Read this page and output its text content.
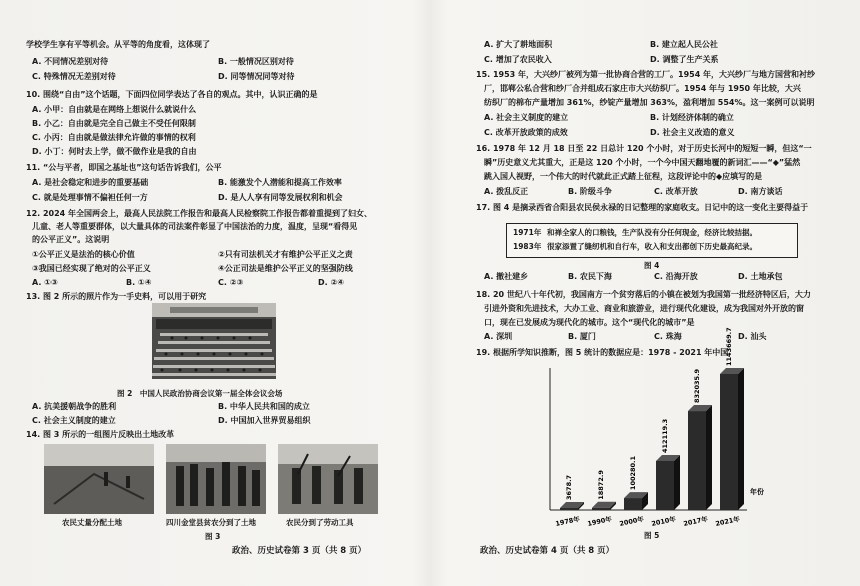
学校学生享有平等机会。从平等的角度看，这体现了
A. 不同情况差别对待	B. 一般情况区别对待
C. 特殊情况无差别对待	D. 同等情况同等对待
10. 围绕“自由”这个话题，下面四位同学表达了各自的观点。其中，认识正确的是
A. 小甲：自由就是在网络上想说什么就说什么
B. 小乙：自由就是完全自己做主不受任何限制
C. 小丙：自由就是做法律允许做的事情的权利
D. 小丁：何时去上学，做不做作业是我的自由
11. “公与平者，即国之基址也”这句话告诉我们，公平
A. 是社会稳定和进步的重要基础	B. 能激发个人潜能和提高工作效率
C. 就是处理事情不偏袒任何一方	D. 是人人享有同等发展权利和机会
12. 2024 年全国两会上，最高人民法院工作报告和最高人民检察院工作报告都着重提到了妇女、
儿童、老人等重要群体，以大量具体的司法案件彰显了中国法治的力度，温度，呈现“看得见
的公平正义”。这说明
①公平正义是法治的核心价值	②只有司法机关才有维护公平正义之责
③我国已经实现了绝对的公平正义	④公正司法是维护公平正义的坚强防线
A. ①③	B. ①④	C. ②③	D. ②④
13. 图 2 所示的照片作为一手史料，可以用于研究
图 2　中国人民政治协商会议第一届全体会议会场
A. 抗美援朝战争的胜利	B. 中华人民共和国的成立
C. 社会主义制度的建立	D. 中国加入世界贸易组织
14. 图 3 所示的一组图片反映出土地改革
农民丈量分配土地	四川金堂县贫农分到了土地	农民分到了劳动工具
图 3
政治、历史试卷第 3 页（共 8 页）
A. 扩大了耕地面积	B. 建立起人民公社
C. 增加了农民收入	D. 调整了生产关系
15. 1953 年，大兴纱厂被列为第一批协商合营的工厂。1954 年，大兴纱厂与地方国营和衬纱
厂，邯郸公私合营和纱厂合并组成石家庄市大兴纺织厂。1954 年与 1950 年比较，大兴
纺织厂的棉布产量增加 361%，纱锭产量增加 363%，盈利增加 554%。这一案例可以说明
A. 社会主义制度的建立	B. 计划经济体制的确立
C. 改革开放政策的成效	D. 社会主义改造的意义
16. 1978 年 12 月 18 日至 22 日总计 120 个小时，对于历史长河中的短短一瞬，但这“一
瞬”历史意义尤其重大，正是这 120 个小时，一个今中国天翻地覆的新词汇——“◆”猛然
跳入国人视野，一个伟大的时代就此正式踏上征程，这段评论中的◆应填写的是
A. 拨乱反正	B. 阶级斗争	C. 改革开放	D. 南方谈话
17. 图 4 是摘录西省合阳县农民侯永禄的日记整理的家庭收支。日记中的这一变化主要得益于
1971年 和禅全家人的口粮钱，生产队没有分任何现金，经济比较拮据。
1983年 很家添置了缝纫机和自行车，收入和支出都创下历史最高纪录。
图 4
A. 撤社建乡	B. 农民下海	C. 沿海开放	D. 土地承包
18. 20 世纪八十年代初，我国南方一个贫穷落后的小镇在被划为我国第一批经济特区后，大力
引进外资和先进技术，大办工业、商业和旅游业，进行现代化建设，成为我国对外开放的窗
口，现在已发展成为现代化的城市。这个“现代化的城市”是
A. 深圳	B. 厦门	C. 珠海	D. 汕头
19. 根据所学知识推断，图 5 统计的数据应是：1978 - 2021 年中国
年份
3678.7
1978年
18872.9
1990年
100280.1
2000年
412119.3
2010年
832035.9
2017年
1143669.7
2021年
图 5
政治、历史试卷第 4 页（共 8 页）
